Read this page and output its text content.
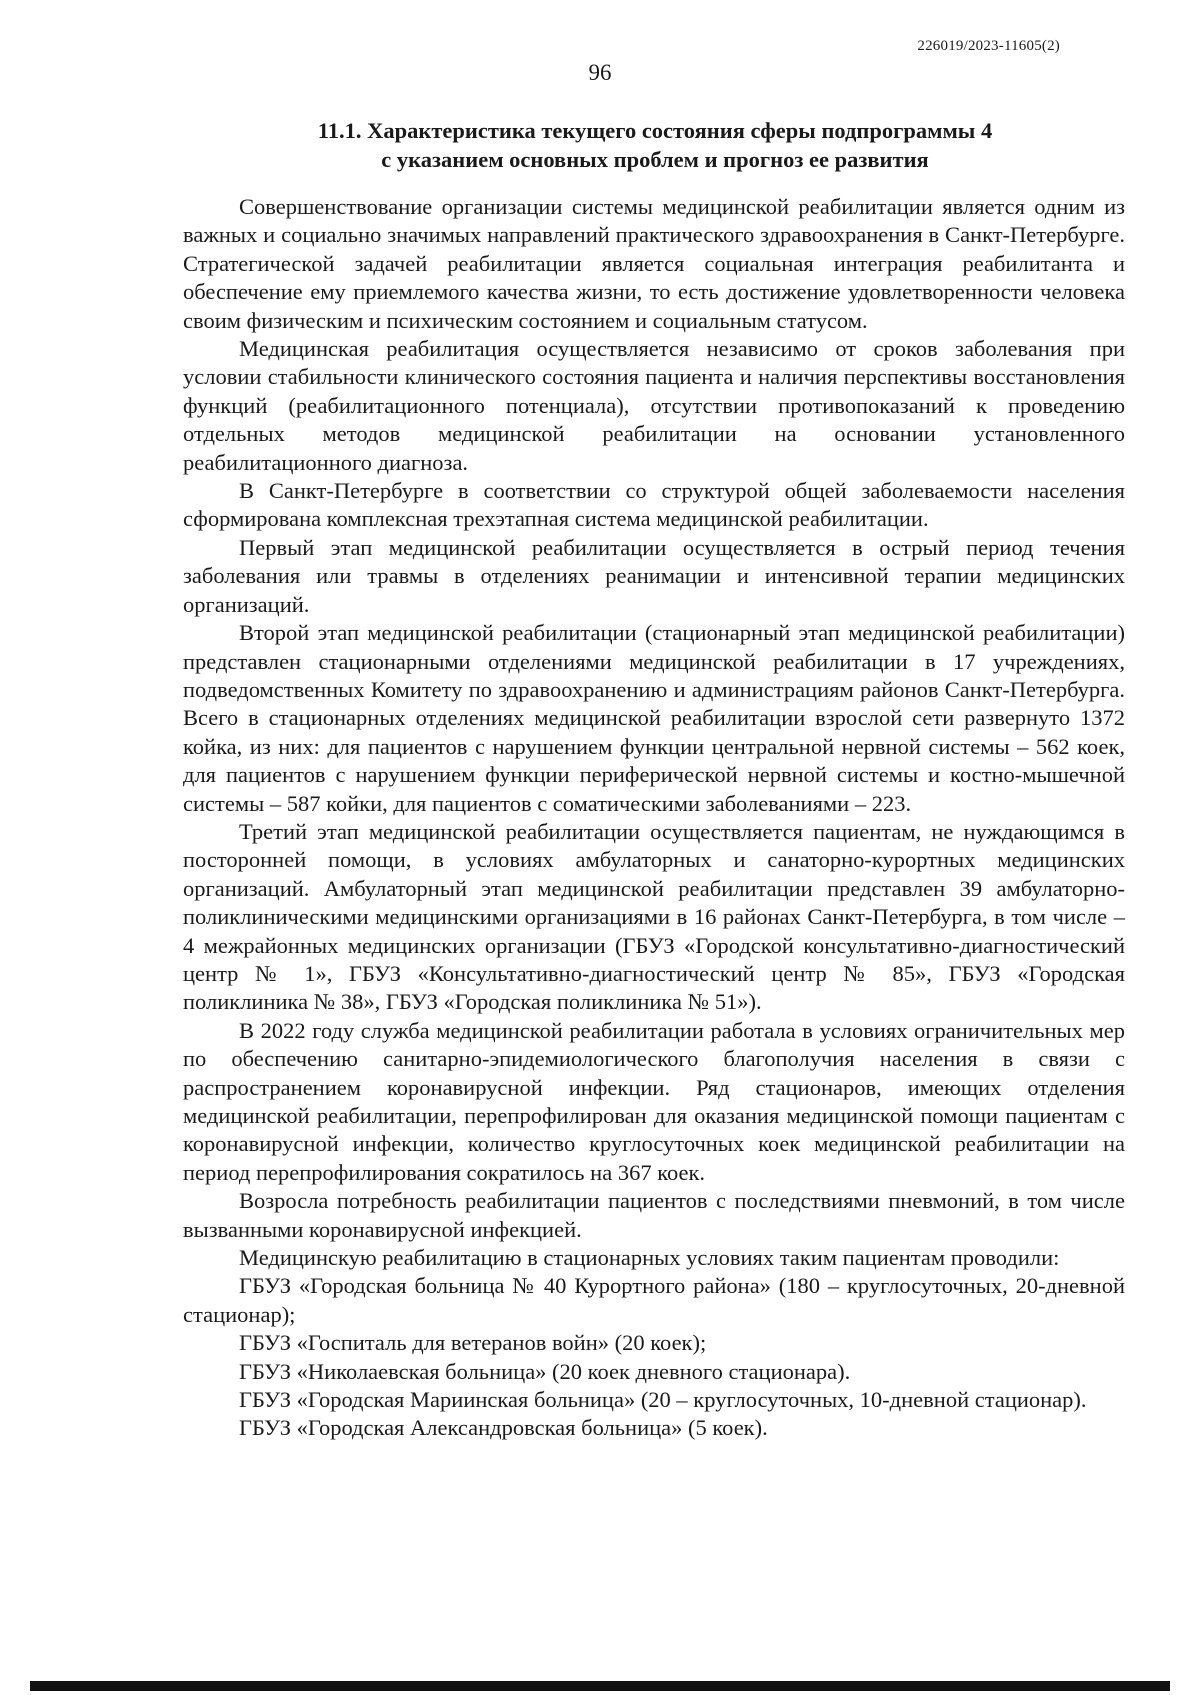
226019/2023-11605(2)
96
11.1. Характеристика текущего состояния сферы подпрограммы 4
с указанием основных проблем и прогноз ее развития

Совершенствование организации системы медицинской реабилитации является одним из важных и социально значимых направлений практического здравоохранения в Санкт-Петербурге. Стратегической задачей реабилитации является социальная интеграция реабилитанта и обеспечение ему приемлемого качества жизни, то есть достижение удовлетворенности человека своим физическим и психическим состоянием и социальным статусом.

Медицинская реабилитация осуществляется независимо от сроков заболевания при условии стабильности клинического состояния пациента и наличия перспективы восстановления функций (реабилитационного потенциала), отсутствии противопоказаний к проведению отдельных методов медицинской реабилитации на основании установленного реабилитационного диагноза.

В Санкт-Петербурге в соответствии со структурой общей заболеваемости населения сформирована комплексная трехэтапная система медицинской реабилитации.

Первый этап медицинской реабилитации осуществляется в острый период течения заболевания или травмы в отделениях реанимации и интенсивной терапии медицинских организаций.

Второй этап медицинской реабилитации (стационарный этап медицинской реабилитации) представлен стационарными отделениями медицинской реабилитации в 17 учреждениях, подведомственных Комитету по здравоохранению и администрациям районов Санкт-Петербурга. Всего в стационарных отделениях медицинской реабилитации взрослой сети развернуто 1372 койка, из них: для пациентов с нарушением функции центральной нервной системы – 562 коек, для пациентов с нарушением функции периферической нервной системы и костно-мышечной системы – 587 койки, для пациентов с соматическими заболеваниями – 223.

Третий этап медицинской реабилитации осуществляется пациентам, не нуждающимся в посторонней помощи, в условиях амбулаторных и санаторно-курортных медицинских организаций. Амбулаторный этап медицинской реабилитации представлен 39 амбулаторно-поликлиническими медицинскими организациями в 16 районах Санкт-Петербурга, в том числе – 4 межрайонных медицинских организации (ГБУЗ «Городской консультативно-диагностический центр № 1», ГБУЗ «Консультативно-диагностический центр № 85», ГБУЗ «Городская поликлиника № 38», ГБУЗ «Городская поликлиника № 51»).

В 2022 году служба медицинской реабилитации работала в условиях ограничительных мер по обеспечению санитарно-эпидемиологического благополучия населения в связи с распространением коронавирусной инфекции. Ряд стационаров, имеющих отделения медицинской реабилитации, перепрофилирован для оказания медицинской помощи пациентам с коронавирусной инфекции, количество круглосуточных коек медицинской реабилитации на период перепрофилирования сократилось на 367 коек.

Возросла потребность реабилитации пациентов с последствиями пневмоний, в том числе вызванными коронавирусной инфекцией.

Медицинскую реабилитацию в стационарных условиях таким пациентам проводили:

ГБУЗ «Городская больница № 40 Курортного района» (180 – круглосуточных, 20-дневной стационар);

ГБУЗ «Госпиталь для ветеранов войн» (20 коек);

ГБУЗ «Николаевская больница» (20 коек дневного стационара).

ГБУЗ «Городская Мариинская больница» (20 – круглосуточных, 10-дневной стационар).

ГБУЗ «Городская Александровская больница» (5 коек).
